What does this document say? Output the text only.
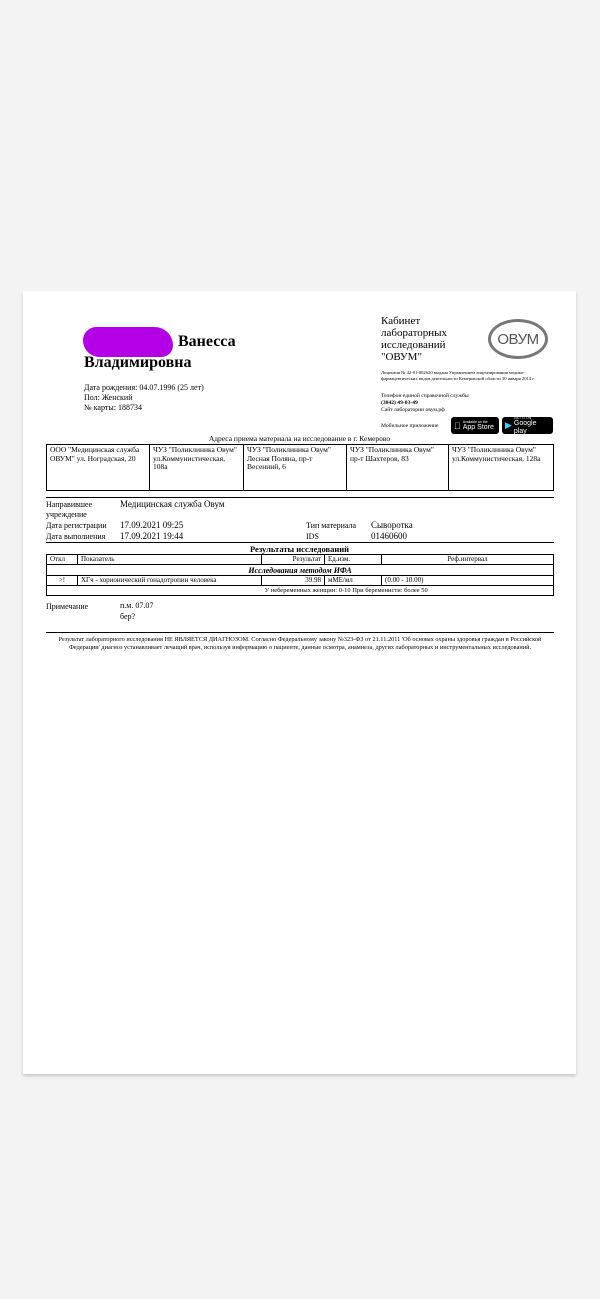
Ванесса
Владимировна
Дата рождения: 04.07.1996 (25 лет)
Пол: Женский
№ карты: 188734
Кабинет
лабораторных
исследований
"ОВУМ"
ОВУМ
Лицензия № 42-01-002620 выдана Управлением лицензирования медико-фармацевтических видов деятельности Кемеровской области 30 января 2014 г.
Телефон единой справочной службы
(3842) 49-03-49
Сайт лаборатории овум.рф
Мобильное приложение
Available on the
App Store ▶
GET IT ON
Google play
Адреса приема материала на исследование в г. Кемерово
ООО "Медицинская служба ОВУМ" ул. Ноградская, 20	ЧУЗ "Поликлиника Овум" ул.Коммунистическая, 108а	ЧУЗ "Поликлиника Овум" Лесная Поляна, пр-т Весенний, 6	ЧУЗ "Поликлиника Овум" пр-т Шахтеров, 83	ЧУЗ "Поликлиника Овум" ул.Коммунистическая, 128а
Направившее учреждение
Медицинская служба Овум
Дата регистрации 17.09.2021 09:25	Тип материала Сыворотка
Дата выполнения 17.09.2021 19:44	IDS	01460600
Результаты исследований
Откл	Показатель	Результат	Ед.изм.	Реф.интервал
Исследования методом ИФА				
>!	ХГч - хорионический гонадотропин человека	39.98	мМЕ/мл	(0.00 - 10.00)
		У неберемeнных женщин: 0-10 При беременисти: более 50		
Примечание	п.м. 07.07
бер?
Результат лабораторного исследования НЕ ЯВЛЯЕТСЯ ДИАГНОЗОМ. Согласно Федеральному закону №323-ФЗ от 21.11.2011 'Об основах охраны здоровья граждан в Российской Федерации' диагноз устанавливает лечащий врач, используя информацию о пациенте, данные осмотра, анамнеза, других лабораторных и инструментальных исследований.
